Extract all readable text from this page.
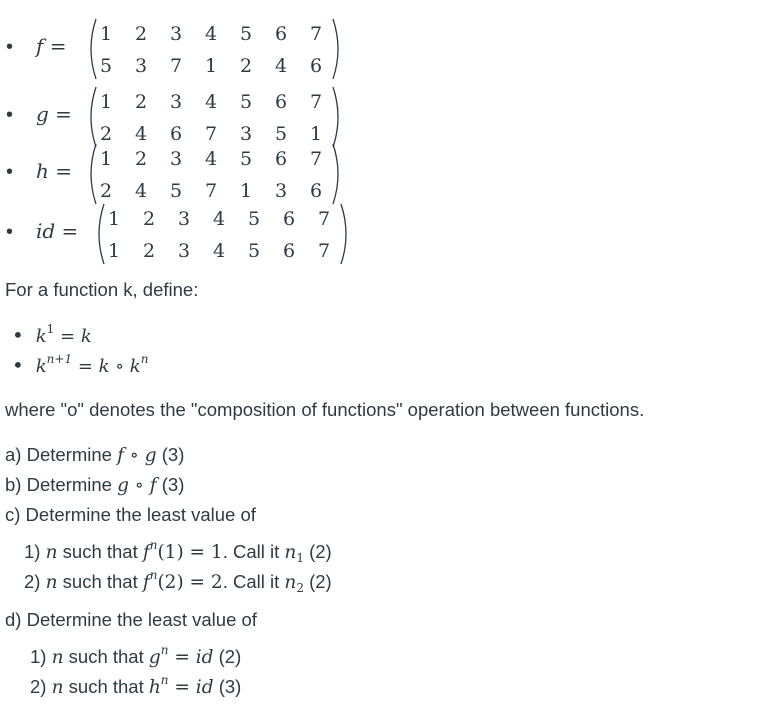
• f = 1 2 3 4 5 6 7
5 3 7 1 2 4 6
• g = 1 2 3 4 5 6 7
2 4 6 7 3 5 1
• h = 1 2 3 4 5 6 7
2 4 5 7 1 3 6
• id = 1 2 3 4 5 6 7
1 2 3 4 5 6 7
For a function k, define:
• $k^1 = k$
• $k^{n+1} = k$ ∘ $k^n$
where "o" denotes the "composition of functions" operation between functions.
a) Determine f ∘ g (3)
b) Determine g ∘ f (3)
c) Determine the least value of
1) n such that $f^n(1) = 1$. Call it $n_1$ (2)
2) n such that $f^n(2) = 2$. Call it $n_2$ (2)
d) Determine the least value of
1) n such that $g^n$ = id (2)
2) n such that $h^n$ = id (3)
